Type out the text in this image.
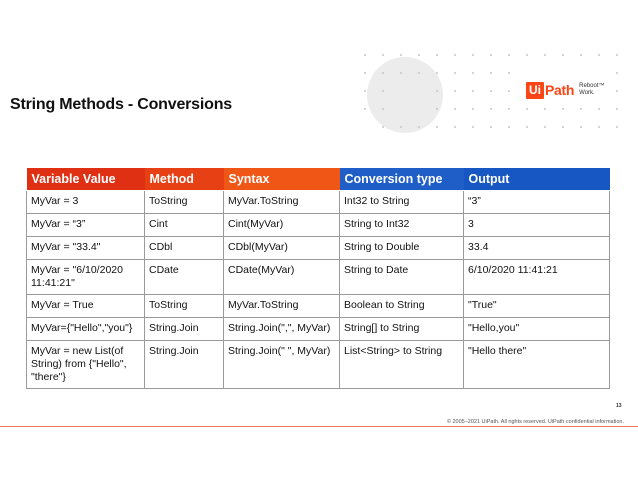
String Methods - Conversions
Ui Path Reboot™
Work.
Variable Value	Method	Syntax	Conversion type	Output
MyVar = 3	ToString	MyVar.ToString	Int32 to String	“3”
MyVar = “3”	Cint	Cint(MyVar)	String to Int32	3
MyVar = "33.4"	CDbl	CDbl(MyVar)	String to Double	33.4
MyVar = "6/10/2020 11:41:21"	CDate	CDate(MyVar)	String to Date	6/10/2020 11:41:21
MyVar = True	ToString	MyVar.ToString	Boolean to String	"True"
MyVar={"Hello","you"}	String.Join	String.Join(",", MyVar)	String[] to String	"Hello,you"
MyVar = new List(of String) from {"Hello", "there"}	String.Join	String.Join(" ", MyVar)	List<String> to String	"Hello there"
13
© 2005–2021 UiPath. All rights reserved. UiPath confidential information.
